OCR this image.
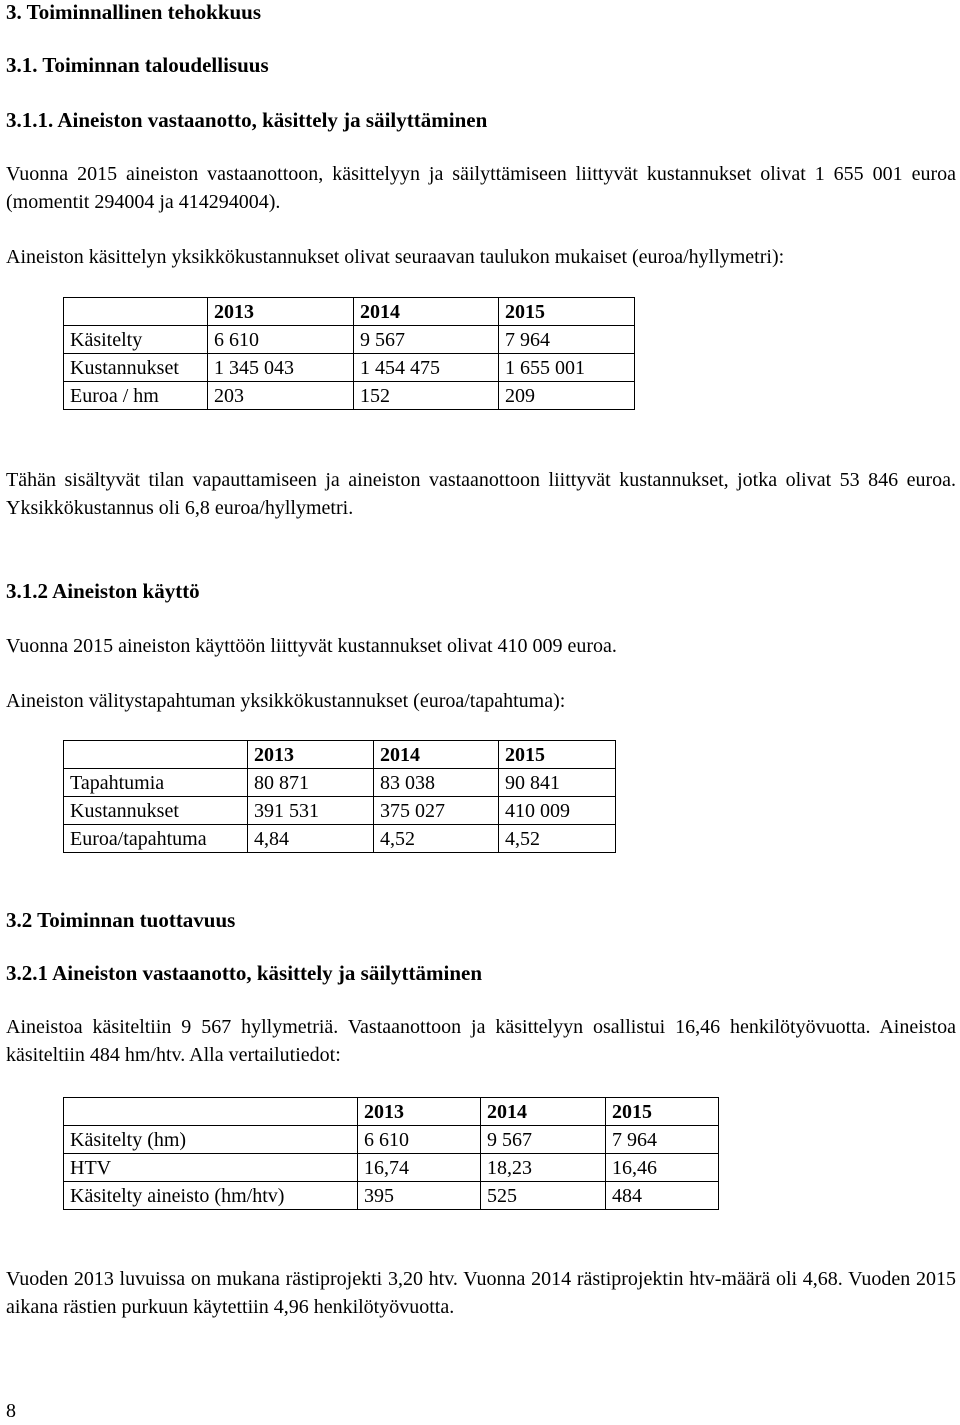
3. Toiminnallinen tehokkuus
3.1. Toiminnan taloudellisuus
3.1.1. Aineiston vastaanotto, käsittely ja säilyttäminen
Vuonna 2015 aineiston vastaanottoon, käsittelyyn ja säilyttämiseen liittyvät kustannukset olivat 1 655 001 euroa (momentit 294004 ja 414294004).
Aineiston käsittelyn yksikkökustannukset olivat seuraavan taulukon mukaiset (euroa/hyllymetri):
	2013	2014	2015
Käsitelty	6 610	9 567	7 964
Kustannukset	1 345 043	1 454 475	1 655 001
Euroa / hm	203	152	209
Tähän sisältyvät tilan vapauttamiseen ja aineiston vastaanottoon liittyvät kustannukset, jotka olivat 53 846 euroa. Yksikkökustannus oli 6,8 euroa/hyllymetri.
3.1.2 Aineiston käyttö
Vuonna 2015 aineiston käyttöön liittyvät kustannukset olivat 410 009 euroa.
Aineiston välitystapahtuman yksikkökustannukset (euroa/tapahtuma):
	2013	2014	2015
Tapahtumia	80 871	83 038	90 841
Kustannukset	391 531	375 027	410 009
Euroa/tapahtuma	4,84	4,52	4,52
3.2 Toiminnan tuottavuus
3.2.1 Aineiston vastaanotto, käsittely ja säilyttäminen
Aineistoa käsiteltiin 9 567 hyllymetriä. Vastaanottoon ja käsittelyyn osallistui 16,46 henkilötyövuotta. Aineistoa käsiteltiin 484 hm/htv. Alla vertailutiedot:
	2013	2014	2015
Käsitelty (hm)	6 610	9 567	7 964
HTV	16,74	18,23	16,46
Käsitelty aineisto (hm/htv)	395	525	484
Vuoden 2013 luvuissa on mukana rästiprojekti 3,20 htv. Vuonna 2014 rästiprojektin htv-määrä oli 4,68. Vuoden 2015 aikana rästien purkuun käytettiin 4,96 henkilötyövuotta.
8
